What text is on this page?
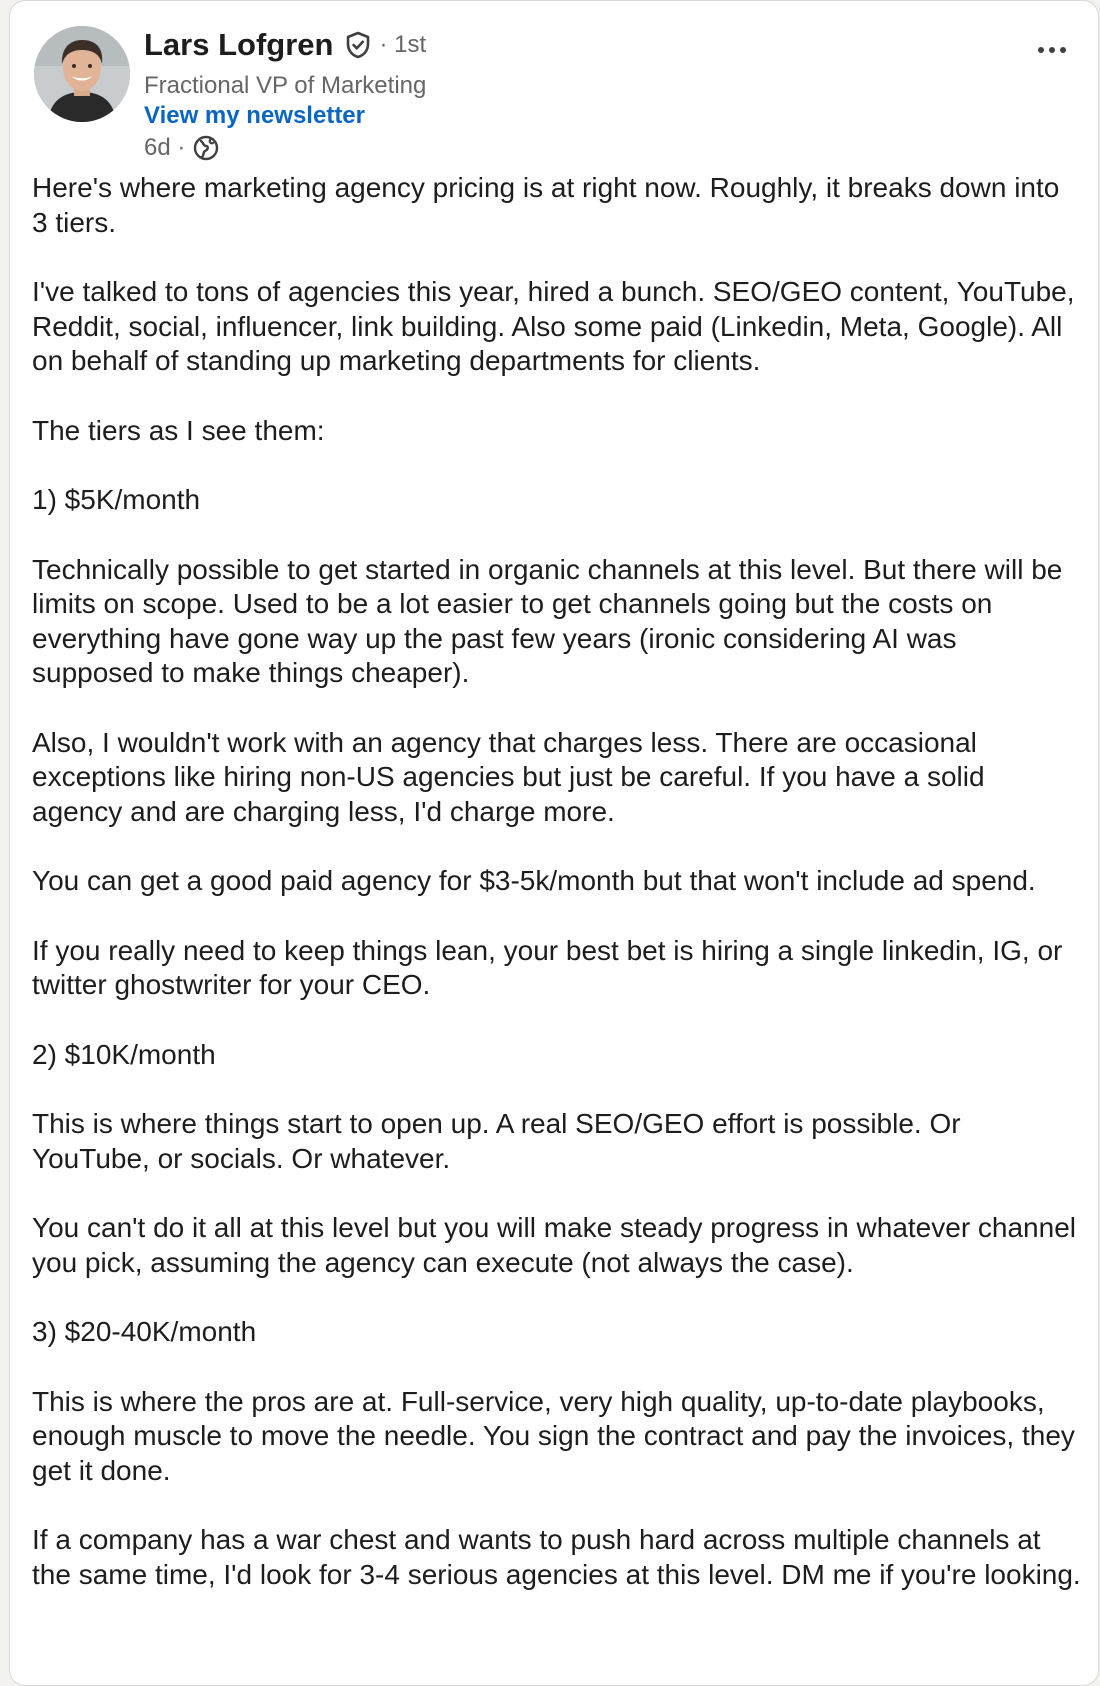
Lars Lofgren · 1st
Fractional VP of Marketing
View my newsletter
6d ·

Here's where marketing agency pricing is at right now. Roughly, it breaks down into 3 tiers.

I've talked to tons of agencies this year, hired a bunch. SEO/GEO content, YouTube, Reddit, social, influencer, link building. Also some paid (Linkedin, Meta, Google). All on behalf of standing up marketing departments for clients.

The tiers as I see them:

1) $5K/month

Technically possible to get started in organic channels at this level. But there will be limits on scope. Used to be a lot easier to get channels going but the costs on everything have gone way up the past few years (ironic considering AI was supposed to make things cheaper).

Also, I wouldn't work with an agency that charges less. There are occasional exceptions like hiring non-US agencies but just be careful. If you have a solid agency and are charging less, I'd charge more.

You can get a good paid agency for $3-5k/month but that won't include ad spend.

If you really need to keep things lean, your best bet is hiring a single linkedin, IG, or twitter ghostwriter for your CEO.

2) $10K/month

This is where things start to open up. A real SEO/GEO effort is possible. Or YouTube, or socials. Or whatever.

You can't do it all at this level but you will make steady progress in whatever channel you pick, assuming the agency can execute (not always the case).

3) $20-40K/month

This is where the pros are at. Full-service, very high quality, up-to-date playbooks, enough muscle to move the needle. You sign the contract and pay the invoices, they get it done.

If a company has a war chest and wants to push hard across multiple channels at the same time, I'd look for 3-4 serious agencies at this level. DM me if you're looking.
